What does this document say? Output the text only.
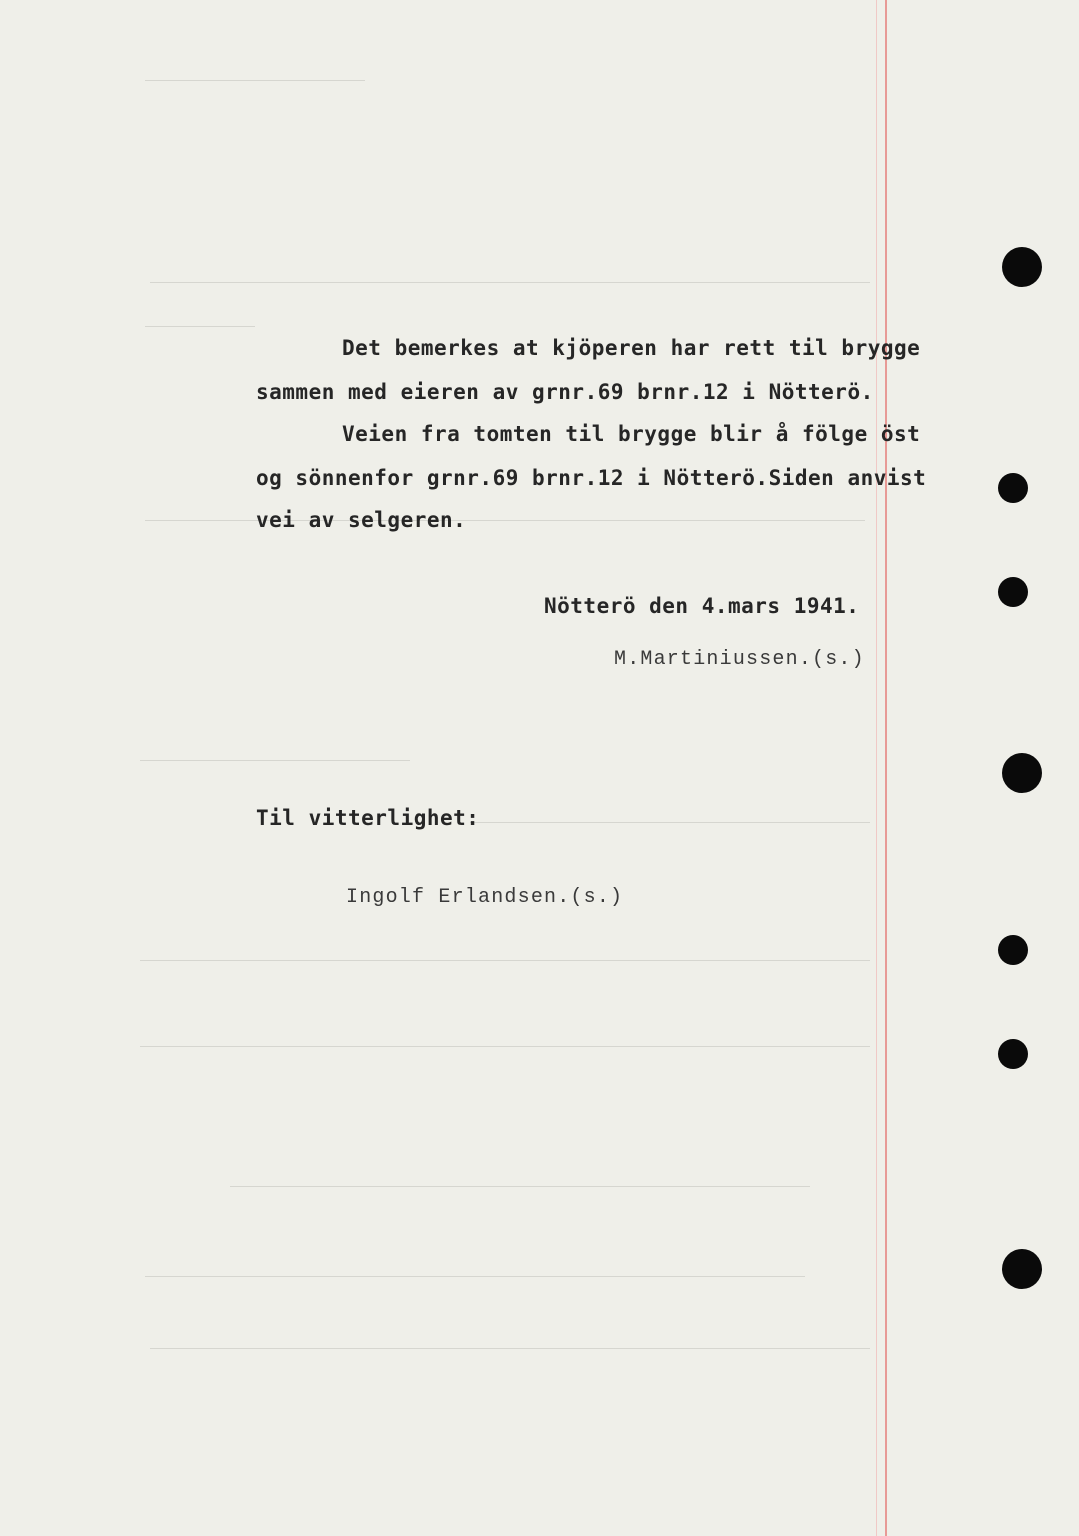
Det bemerkes at kjöperen har rett til brygge
sammen med eieren av grnr.69 brnr.12 i Nötterö.
Veien fra tomten til brygge blir å fölge öst
og sönnenfor grnr.69 brnr.12 i Nötterö.Siden anvist
vei av selgeren.
Nötterö den 4.mars 1941.
M.Martiniussen.(s.)
Til vitterlighet:
Ingolf Erlandsen.(s.)
